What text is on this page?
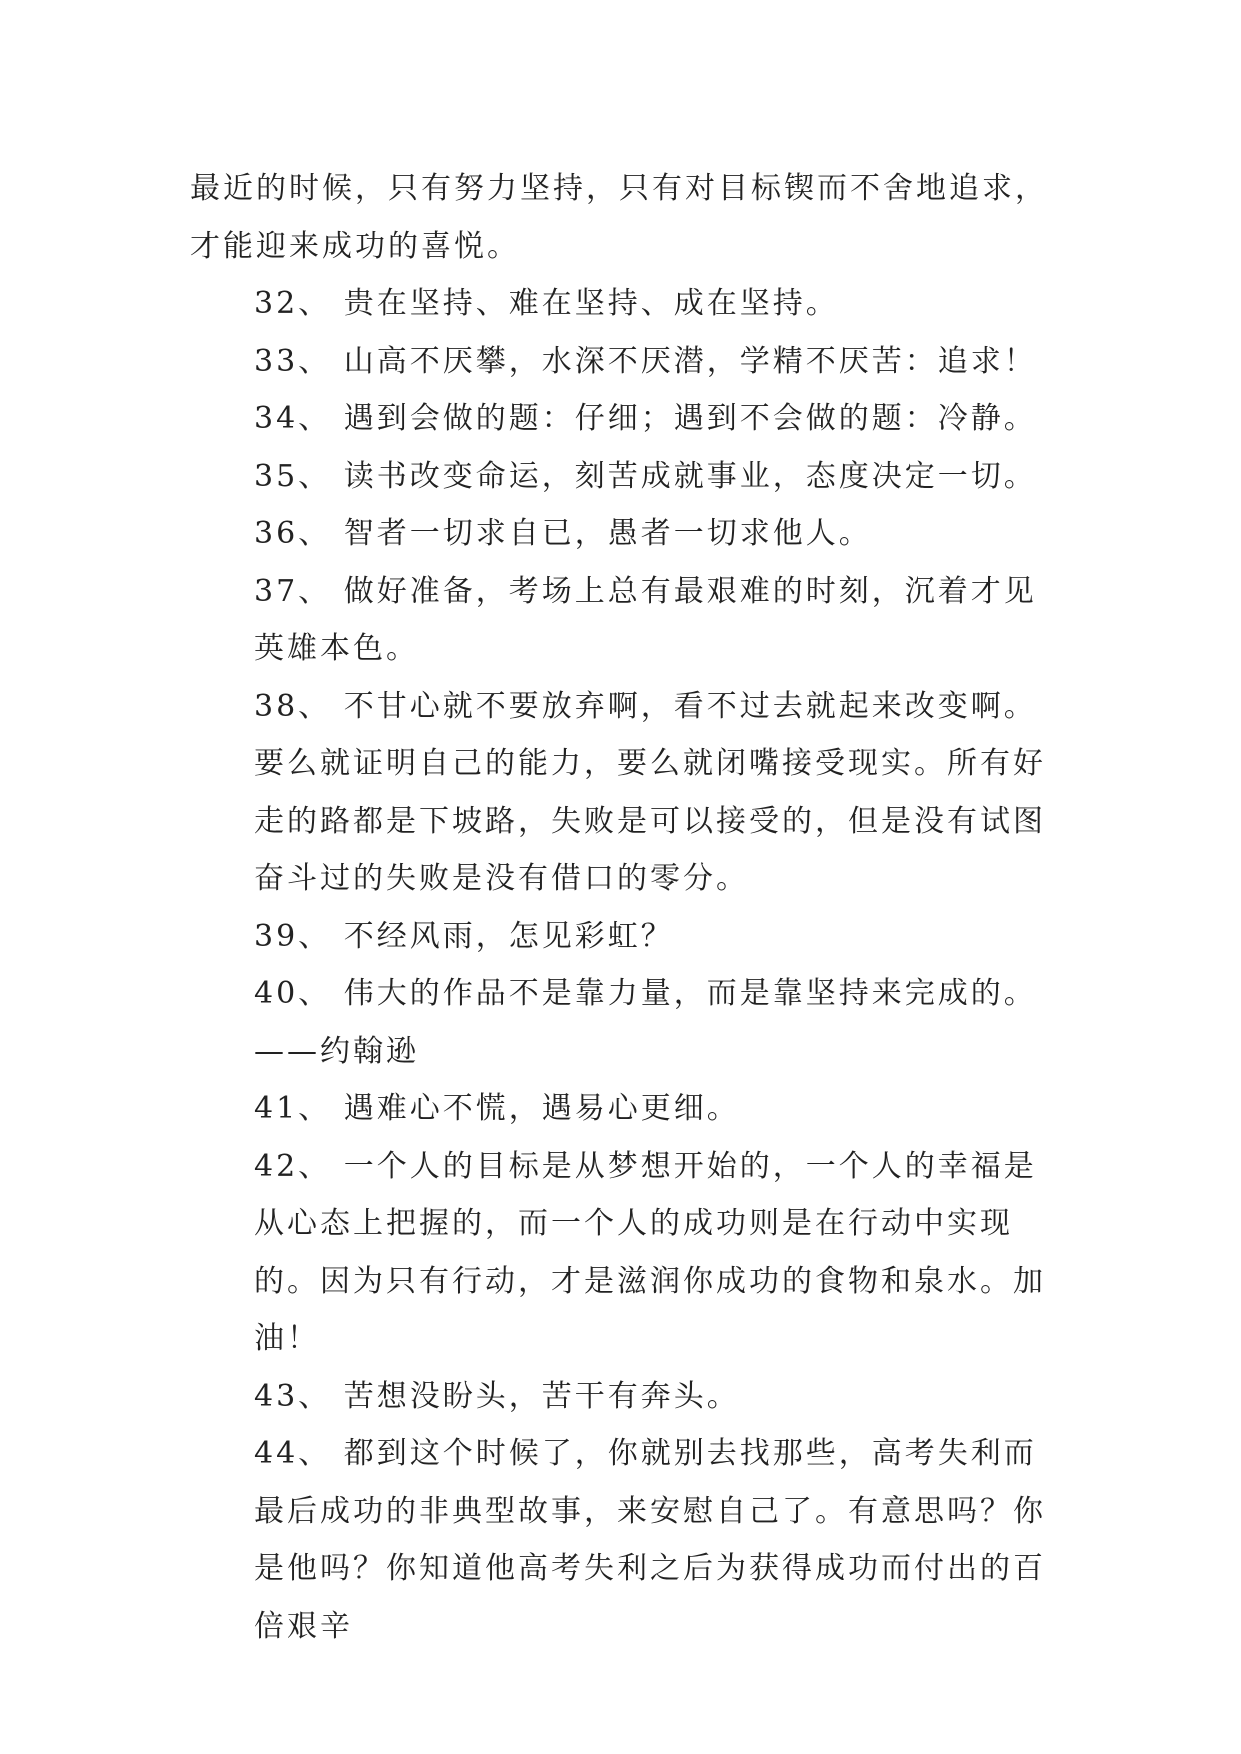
最近的时候，只有努力坚持，只有对目标锲而不舍地追求，才能迎来成功的喜悦。

32、 贵在坚持、难在坚持、成在坚持。

33、 山高不厌攀，水深不厌潜，学精不厌苦：追求！

34、 遇到会做的题：仔细；遇到不会做的题：冷静。

35、 读书改变命运，刻苦成就事业，态度决定一切。

36、 智者一切求自已，愚者一切求他人。

37、 做好准备，考场上总有最艰难的时刻，沉着才见英雄本色。

38、 不甘心就不要放弃啊，看不过去就起来改变啊。要么就证明自己的能力，要么就闭嘴接受现实。所有好走的路都是下坡路，失败是可以接受的，但是没有试图奋斗过的失败是没有借口的零分。

39、 不经风雨，怎见彩虹？

40、 伟大的作品不是靠力量，而是靠坚持来完成的。——约翰逊

41、 遇难心不慌，遇易心更细。

42、 一个人的目标是从梦想开始的，一个人的幸福是从心态上把握的，而一个人的成功则是在行动中实现的。因为只有行动，才是滋润你成功的食物和泉水。加油！

43、 苦想没盼头，苦干有奔头。

44、 都到这个时候了，你就别去找那些，高考失利而最后成功的非典型故事，来安慰自己了。有意思吗？你是他吗？你知道他高考失利之后为获得成功而付出的百倍艰辛
